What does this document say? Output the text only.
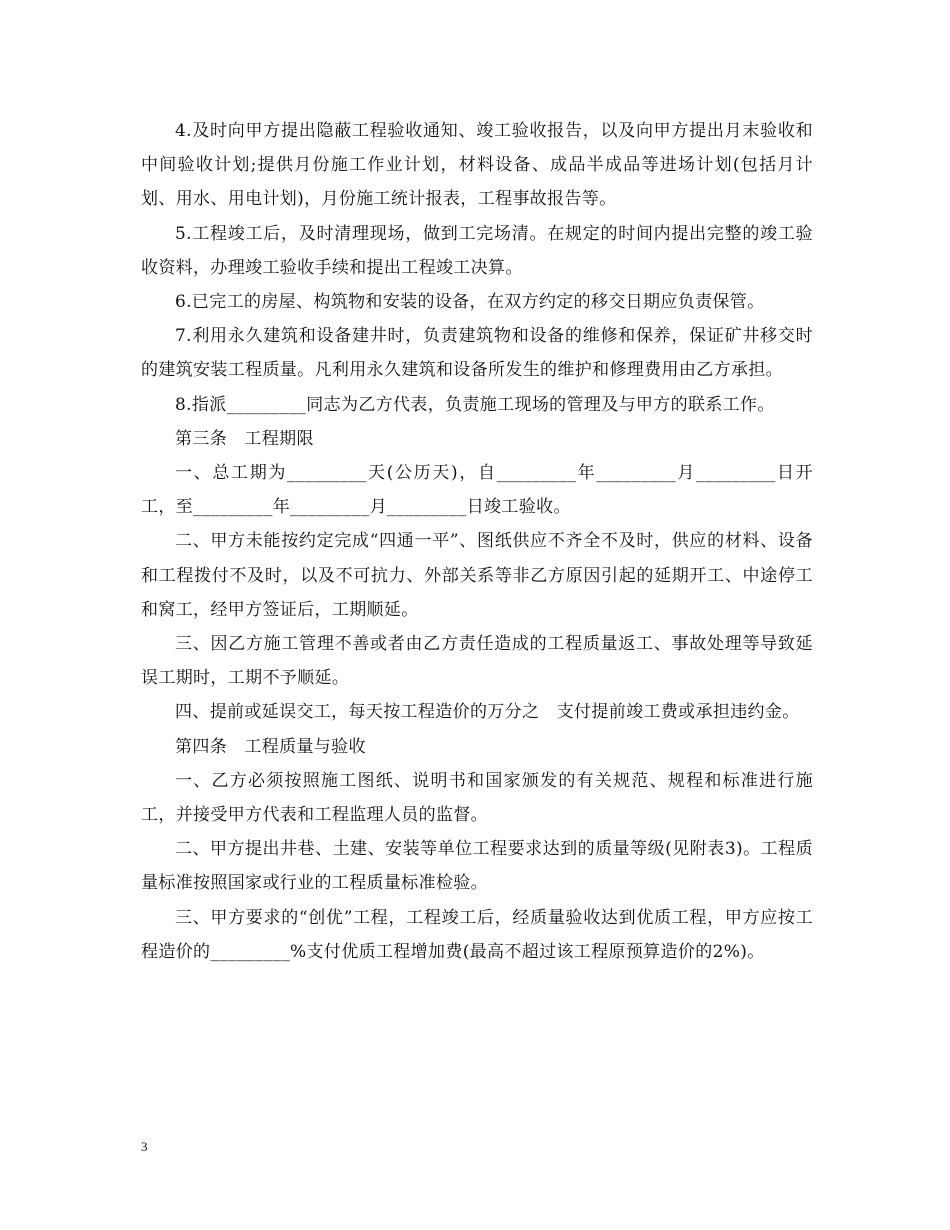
4.及时向甲方提出隐蔽工程验收通知、竣工验收报告，以及向甲方提出月末验收和中间验收计划;提供月份施工作业计划，材料设备、成品半成品等进场计划(包括月计划、用水、用电计划)，月份施工统计报表，工程事故报告等。

5.工程竣工后，及时清理现场，做到工完场清。在规定的时间内提出完整的竣工验收资料，办理竣工验收手续和提出工程竣工决算。

6.已完工的房屋、构筑物和安装的设备，在双方约定的移交日期应负责保管。

7.利用永久建筑和设备建井时，负责建筑物和设备的维修和保养，保证矿井移交时的建筑安装工程质量。凡利用永久建筑和设备所发生的维护和修理费用由乙方承担。

8.指派_________同志为乙方代表，负责施工现场的管理及与甲方的联系工作。

第三条　工程期限

一、总工期为_________天(公历天)，自_________年_________月_________日开工，至_________年_________月_________日竣工验收。

二、甲方未能按约定完成“四通一平”、图纸供应不齐全不及时，供应的材料、设备和工程拨付不及时，以及不可抗力、外部关系等非乙方原因引起的延期开工、中途停工和窝工，经甲方签证后，工期顺延。

三、因乙方施工管理不善或者由乙方责任造成的工程质量返工、事故处理等导致延误工期时，工期不予顺延。

四、提前或延误交工，每天按工程造价的万分之　支付提前竣工费或承担违约金。

第四条　工程质量与验收

一、乙方必须按照施工图纸、说明书和国家颁发的有关规范、规程和标准进行施工，并接受甲方代表和工程监理人员的监督。

二、甲方提出井巷、土建、安装等单位工程要求达到的质量等级(见附表3)。工程质量标准按照国家或行业的工程质量标准检验。

三、甲方要求的“创优”工程，工程竣工后，经质量验收达到优质工程，甲方应按工程造价的_________%支付优质工程增加费(最高不超过该工程原预算造价的2%)。

3
